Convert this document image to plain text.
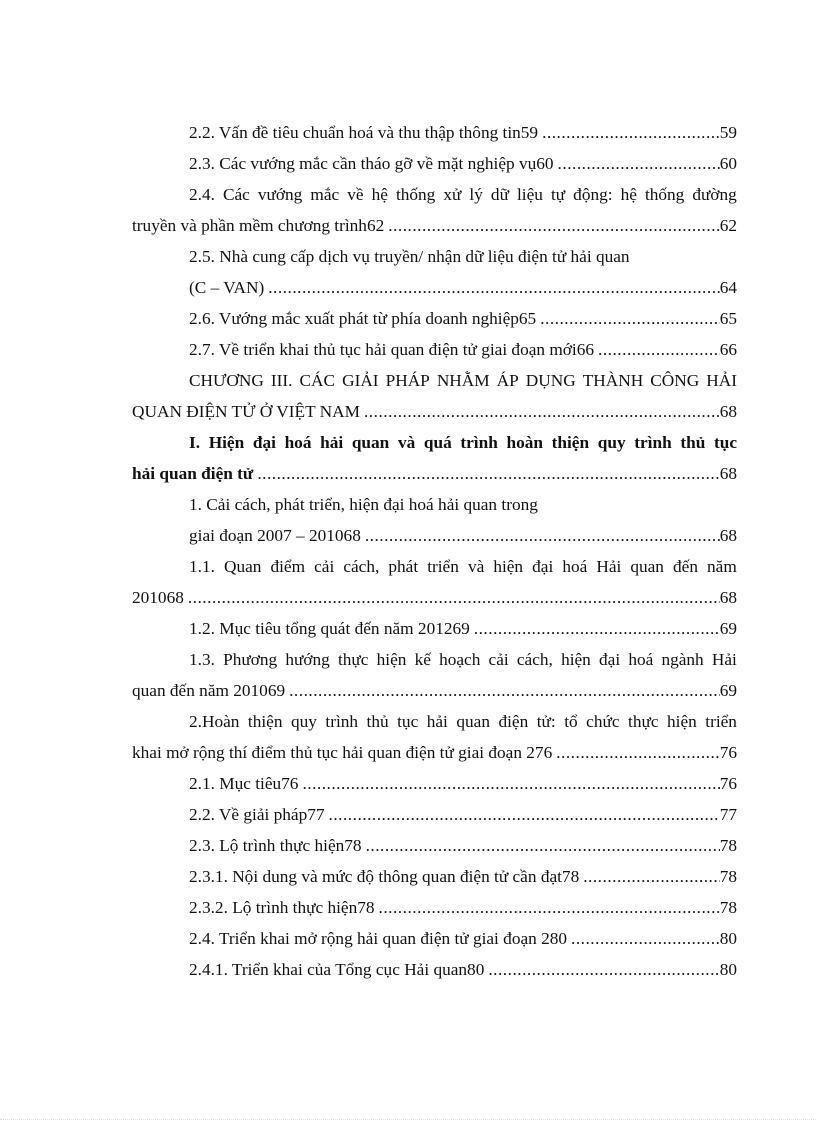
2.2. Vấn đề tiêu chuẩn hoá và thu thập thông tin59 .....	59
2.3. Các vướng mắc cần tháo gỡ về mặt nghiệp vụ60 .....	60
2.4. Các vướng mắc về hệ thống xử lý dữ liệu tự động: hệ thống đường
truyền và phần mềm chương trình62 .....	62
2.5. Nhà cung cấp dịch vụ truyền/ nhận dữ liệu điện tử hải quan
(C – VAN) .....	64
2.6. Vướng mắc xuất phát từ phía doanh nghiệp65 .....	65
2.7. Về triển khai thủ tục hải quan điện tử giai đoạn mới66 .....	66
CHƯƠNG III. CÁC GIẢI PHÁP NHẰM ÁP DỤNG THÀNH CÔNG HẢI
QUAN ĐIỆN TỬ Ở VIỆT NAM .....	68
I. Hiện đại hoá hải quan và quá trình hoàn thiện quy trình thủ tục
hải quan điện tử .....	68
1. Cải cách, phát triển, hiện đại hoá hải quan trong
giai đoạn 2007 – 201068 .....	68
1.1. Quan điểm cải cách, phát triển và hiện đại hoá Hải quan đến năm
201068 .....	68
1.2. Mục tiêu tổng quát đến năm 201269 .....	69
1.3. Phương hướng thực hiện kế hoạch cải cách, hiện đại hoá ngành Hải
quan đến năm 201069 .....	69
2.Hoàn thiện quy trình thủ tục hải quan điện tử: tổ chức thực hiện triển
khai mở rộng thí điểm thủ tục hải quan điện tử giai đoạn 276 .....	76
2.1. Mục tiêu76 .....	76
2.2. Về giải pháp77 .....	77
2.3. Lộ trình thực hiện78 .....	78
2.3.1. Nội dung và mức độ thông quan điện tử cần đạt78 .....	78
2.3.2. Lộ trình thực hiện78 .....	78
2.4. Triển khai mở rộng hải quan điện tử giai đoạn 280 .....	80
2.4.1. Triển khai của Tổng cục Hải quan80 .....	80
